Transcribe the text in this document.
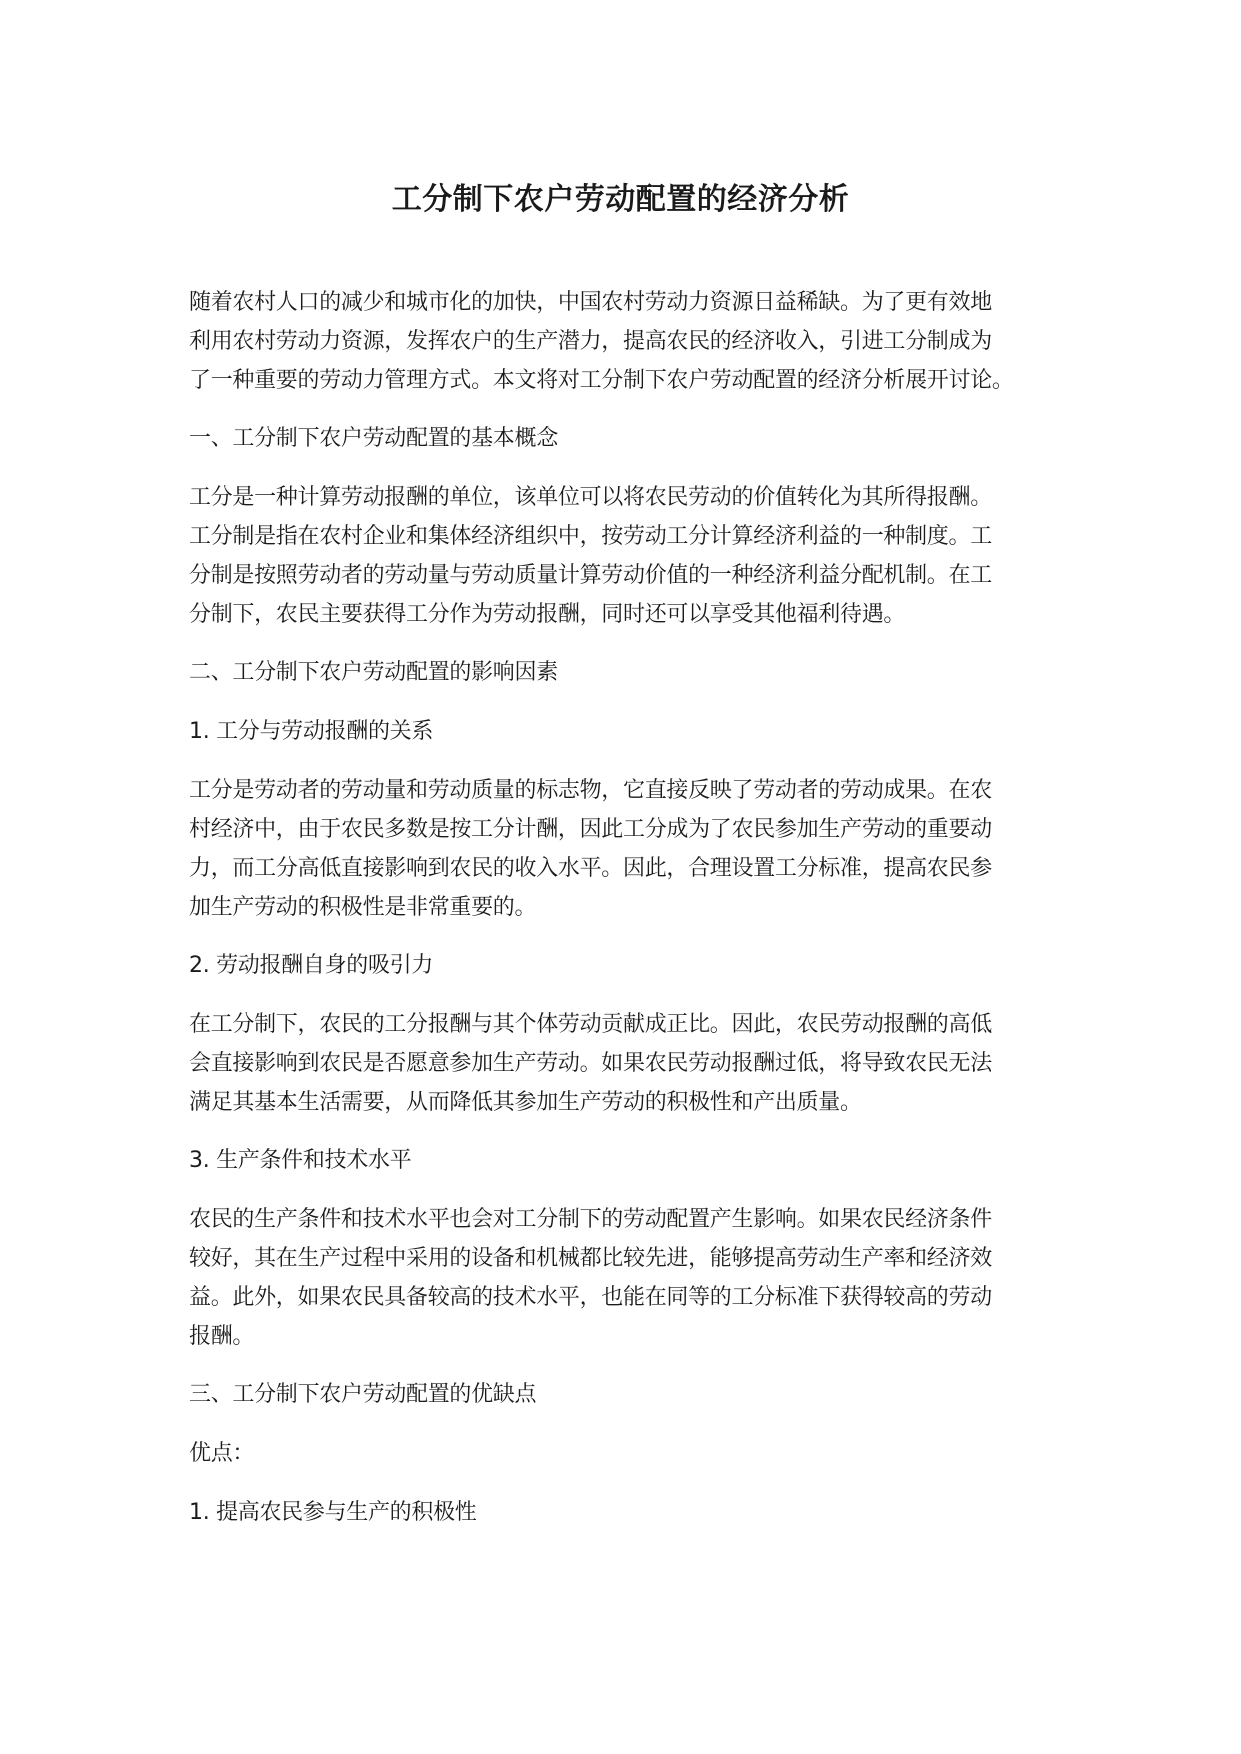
工分制下农户劳动配置的经济分析

随着农村人口的减少和城市化的加快，中国农村劳动力资源日益稀缺。为了更有效地
利用农村劳动力资源，发挥农户的生产潜力，提高农民的经济收入，引进工分制成为
了一种重要的劳动力管理方式。本文将对工分制下农户劳动配置的经济分析展开讨论。

一、工分制下农户劳动配置的基本概念

工分是一种计算劳动报酬的单位，该单位可以将农民劳动的价值转化为其所得报酬。
工分制是指在农村企业和集体经济组织中，按劳动工分计算经济利益的一种制度。工
分制是按照劳动者的劳动量与劳动质量计算劳动价值的一种经济利益分配机制。在工
分制下，农民主要获得工分作为劳动报酬，同时还可以享受其他福利待遇。

二、工分制下农户劳动配置的影响因素

1. 工分与劳动报酬的关系

工分是劳动者的劳动量和劳动质量的标志物，它直接反映了劳动者的劳动成果。在农
村经济中，由于农民多数是按工分计酬，因此工分成为了农民参加生产劳动的重要动
力，而工分高低直接影响到农民的收入水平。因此，合理设置工分标准，提高农民参
加生产劳动的积极性是非常重要的。

2. 劳动报酬自身的吸引力

在工分制下，农民的工分报酬与其个体劳动贡献成正比。因此，农民劳动报酬的高低
会直接影响到农民是否愿意参加生产劳动。如果农民劳动报酬过低，将导致农民无法
满足其基本生活需要，从而降低其参加生产劳动的积极性和产出质量。

3. 生产条件和技术水平

农民的生产条件和技术水平也会对工分制下的劳动配置产生影响。如果农民经济条件
较好，其在生产过程中采用的设备和机械都比较先进，能够提高劳动生产率和经济效
益。此外，如果农民具备较高的技术水平，也能在同等的工分标准下获得较高的劳动
报酬。

三、工分制下农户劳动配置的优缺点

优点：

1. 提高农民参与生产的积极性
